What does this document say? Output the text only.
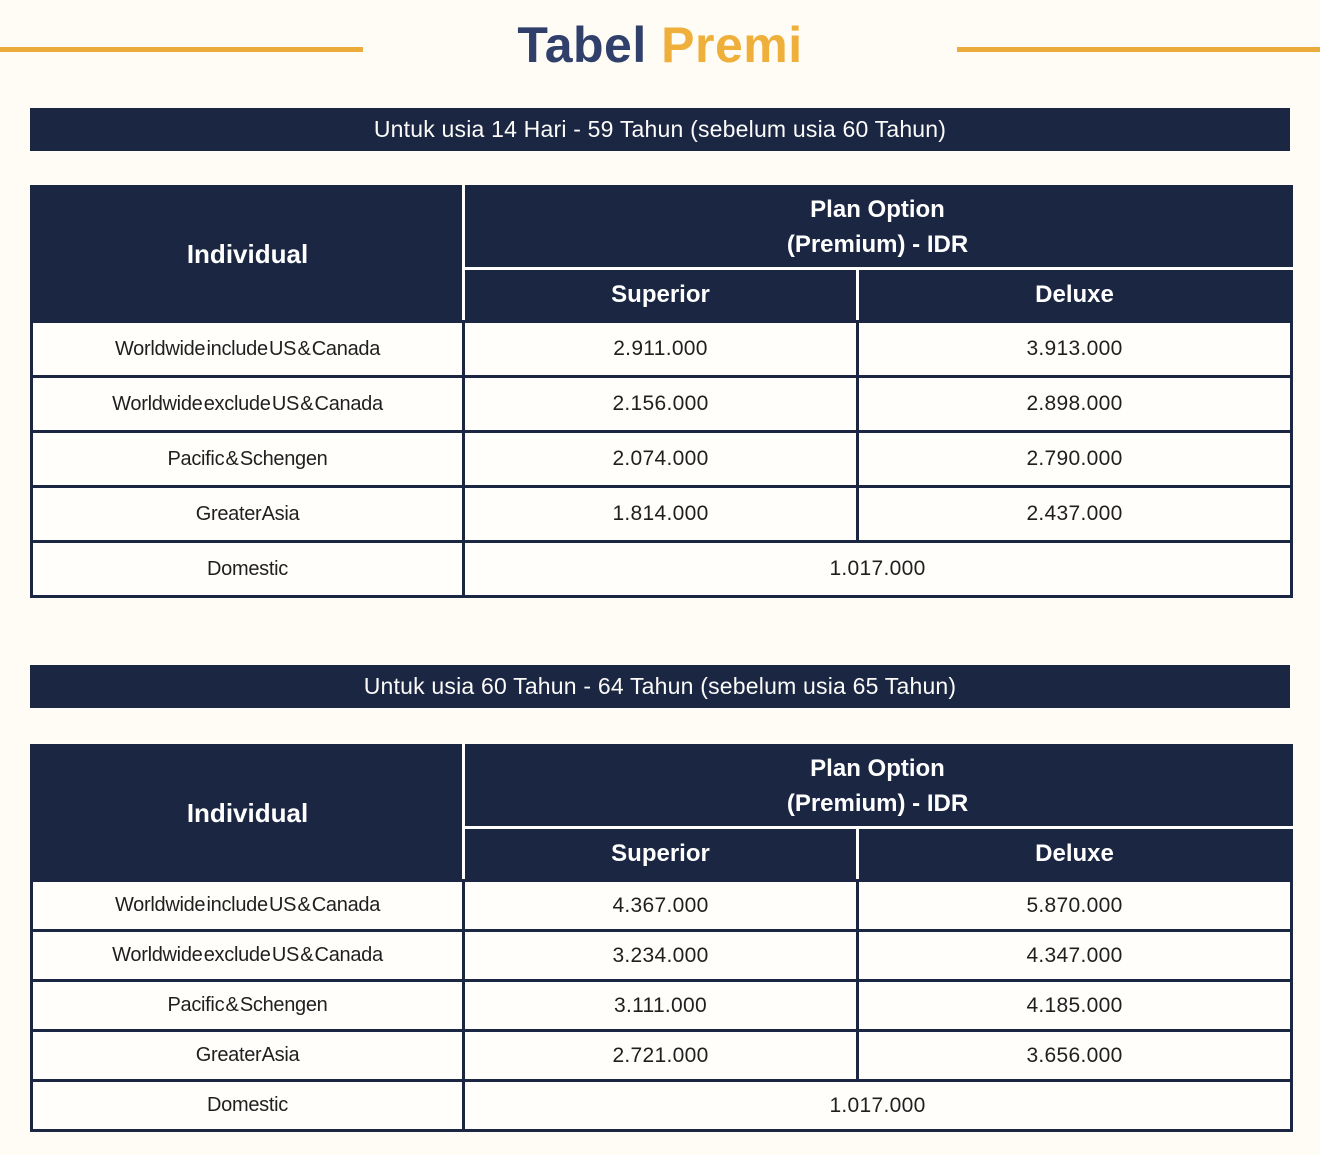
Tabel Premi
Untuk usia 14 Hari - 59 Tahun (sebelum usia 60 Tahun)
Individual	Plan Option
(Premium) - IDR	

	Superior	Deluxe
Worldwide include US & Canada	2.911.000	3.913.000
Worldwide exclude US & Canada	2.156.000	2.898.000
Pacific & Schengen	2.074.000	2.790.000
Greater Asia	1.814.000	2.437.000
Domestic	1.017.000	
Untuk usia 60 Tahun - 64 Tahun (sebelum usia 65 Tahun)
Individual	Plan Option
(Premium) - IDR	

	Superior	Deluxe
Worldwide include US & Canada	4.367.000	5.870.000
Worldwide exclude US & Canada	3.234.000	4.347.000
Pacific & Schengen	3.111.000	4.185.000
Greater Asia	2.721.000	3.656.000
Domestic	1.017.000	
